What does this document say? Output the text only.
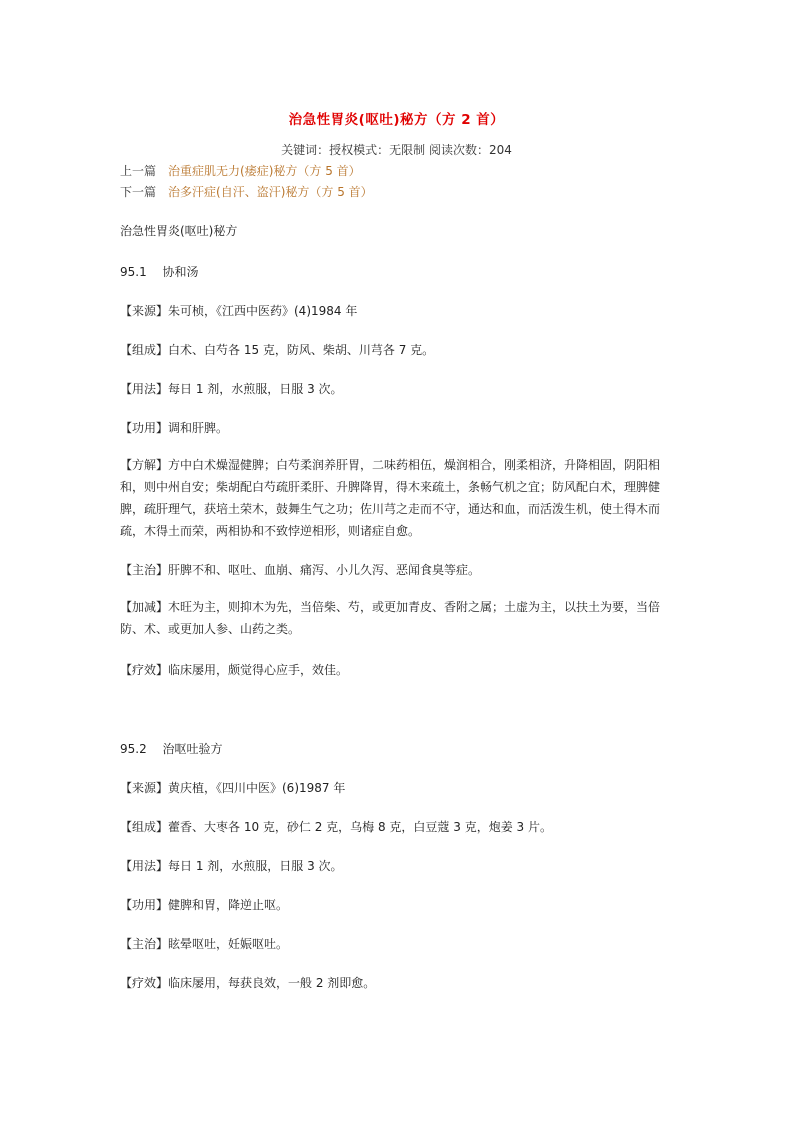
治急性胃炎(呕吐)秘方（方 2 首）
关键词：授权模式：无限制 阅读次数：204
上一篇 治重症肌无力(痿症)秘方（方 5 首）
下一篇 治多汗症(自汗、盗汗)秘方（方 5 首）
治急性胃炎(呕吐)秘方
95.1　 协和汤
【来源】朱可桢，《江西中医药》(4)1984 年
【组成】白术、白芍各 15 克，防风、柴胡、川芎各 7 克。
【用法】每日 1 剂，水煎服，日服 3 次。
【功用】调和肝脾。
【方解】方中白术燥湿健脾；白芍柔润养肝胃，二味药相伍，燥润相合，刚柔相济，升降相固，阴阳相和，则中州自安；柴胡配白芍疏肝柔肝、升脾降胃，得木来疏土，条畅气机之宜；防风配白术，理脾健脾，疏肝理气，获培土荣木，鼓舞生气之功；佐川芎之走而不守，通达和血，而活泼生机，使土得木而疏，木得土而荣，两相协和不致悖逆相形，则诸症自愈。
【主治】肝脾不和、呕吐、血崩、痛泻、小儿久泻、恶闻食臭等症。
【加减】木旺为主，则抑木为先，当倍柴、芍，或更加青皮、香附之属；土虚为主，以扶土为要，当倍防、术、或更加人参、山药之类。
【疗效】临床屡用，颇觉得心应手，效佳。
95.2　 治呕吐验方
【来源】黄庆植，《四川中医》(6)1987 年
【组成】藿香、大枣各 10 克，砂仁 2 克，乌梅 8 克，白豆蔻 3 克，炮姜 3 片。
【用法】每日 1 剂，水煎服，日服 3 次。
【功用】健脾和胃，降逆止呕。
【主治】眩晕呕吐，妊娠呕吐。
【疗效】临床屡用，每获良效，一般 2 剂即愈。
